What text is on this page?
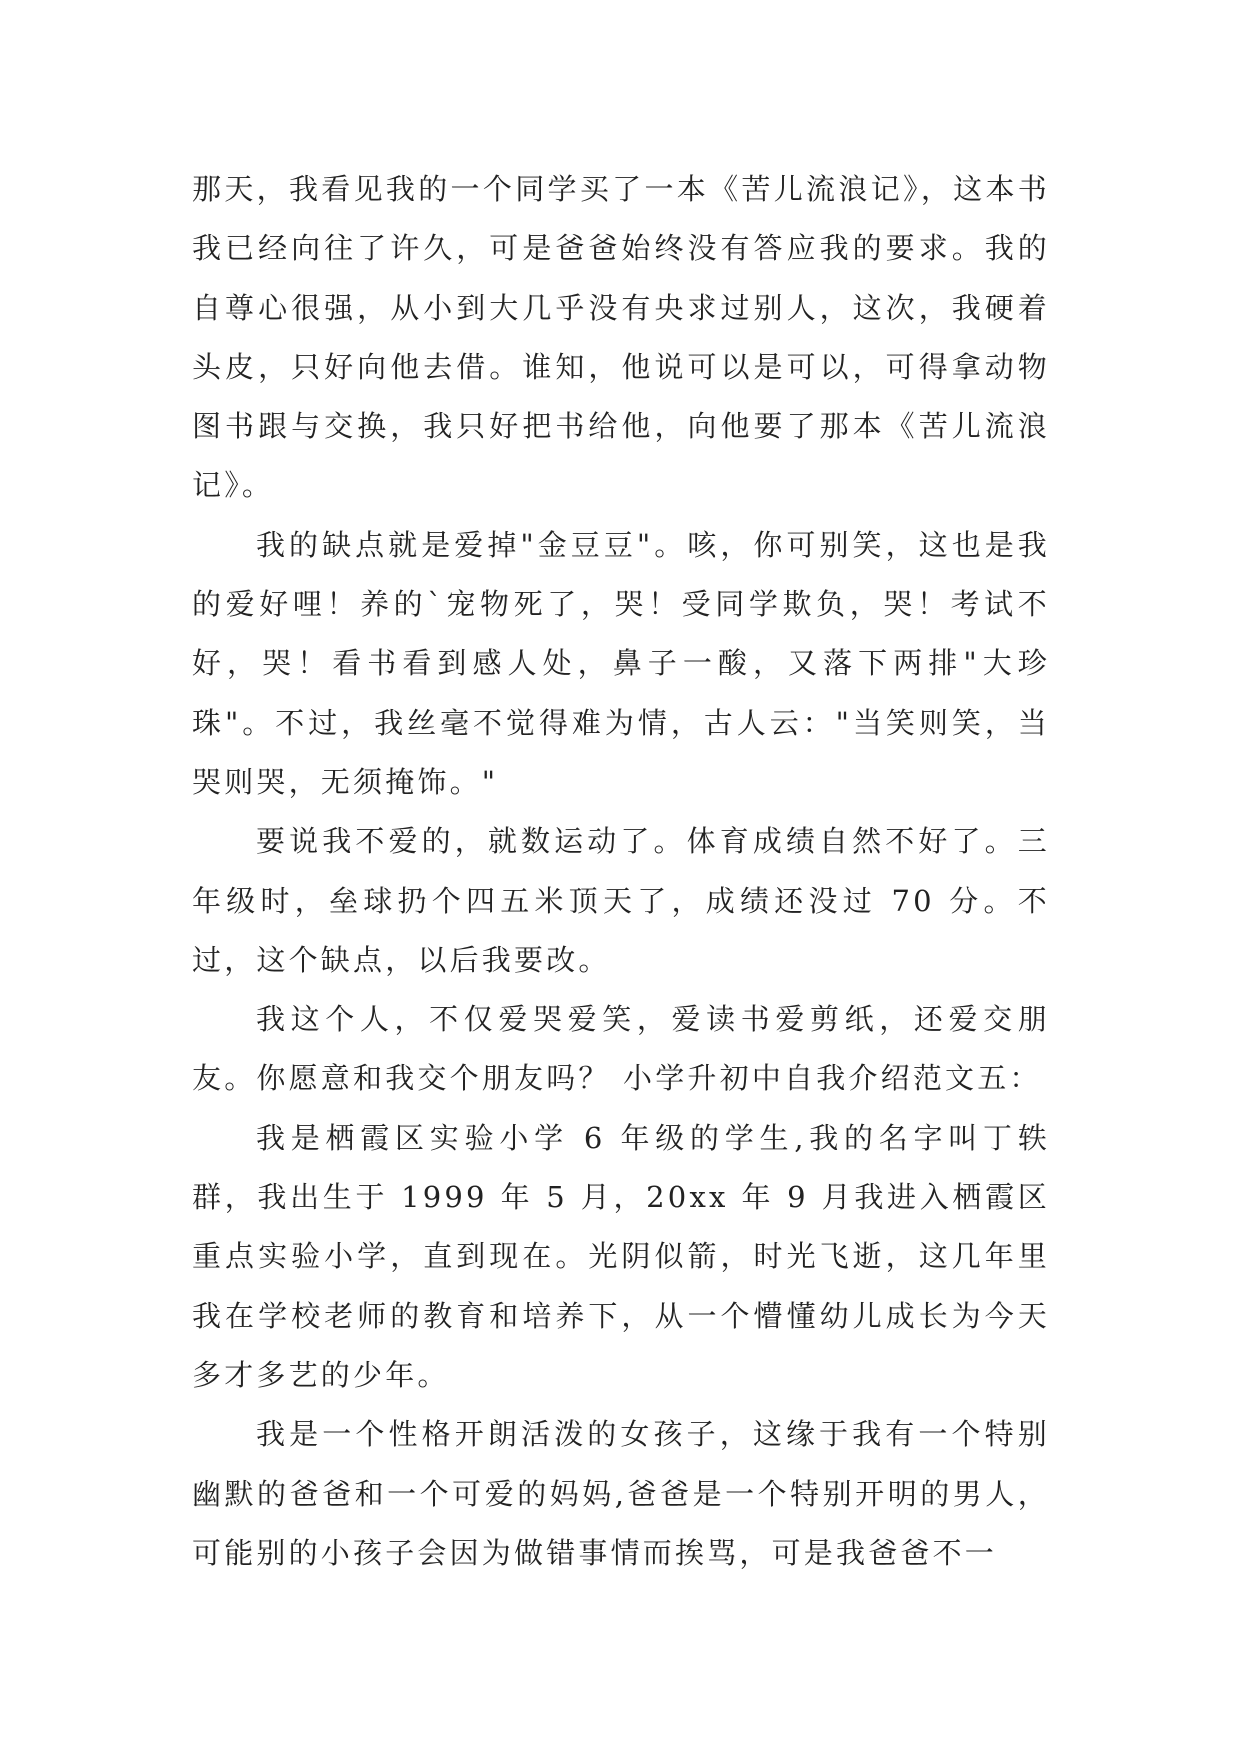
那天，我看见我的一个同学买了一本《苦儿流浪记》，这本书我已经向往了许久，可是爸爸始终没有答应我的要求。我的自尊心很强，从小到大几乎没有央求过别人，这次，我硬着头皮，只好向他去借。谁知，他说可以是可以，可得拿动物图书跟与交换，我只好把书给他，向他要了那本《苦儿流浪记》。

我的缺点就是爱掉"金豆豆"。咳，你可别笑，这也是我的爱好哩！养的`宠物死了，哭！受同学欺负，哭！考试不好，哭！看书看到感人处，鼻子一酸，又落下两排"大珍珠"。不过，我丝毫不觉得难为情，古人云："当笑则笑，当哭则哭，无须掩饰。"

要说我不爱的，就数运动了。体育成绩自然不好了。三年级时，垒球扔个四五米顶天了，成绩还没过 70 分。不过，这个缺点，以后我要改。

我这个人，不仅爱哭爱笑，爱读书爱剪纸，还爱交朋友。你愿意和我交个朋友吗？ 小学升初中自我介绍范文五：

我是栖霞区实验小学 6 年级的学生,我的名字叫丁轶群，我出生于 1999 年 5 月，20xx 年 9 月我进入栖霞区重点实验小学，直到现在。光阴似箭，时光飞逝，这几年里我在学校老师的教育和培养下，从一个懵懂幼儿成长为今天多才多艺的少年。

我是一个性格开朗活泼的女孩子，这缘于我有一个特别幽默的爸爸和一个可爱的妈妈,爸爸是一个特别开明的男人，可能别的小孩子会因为做错事情而挨骂，可是我爸爸不一
